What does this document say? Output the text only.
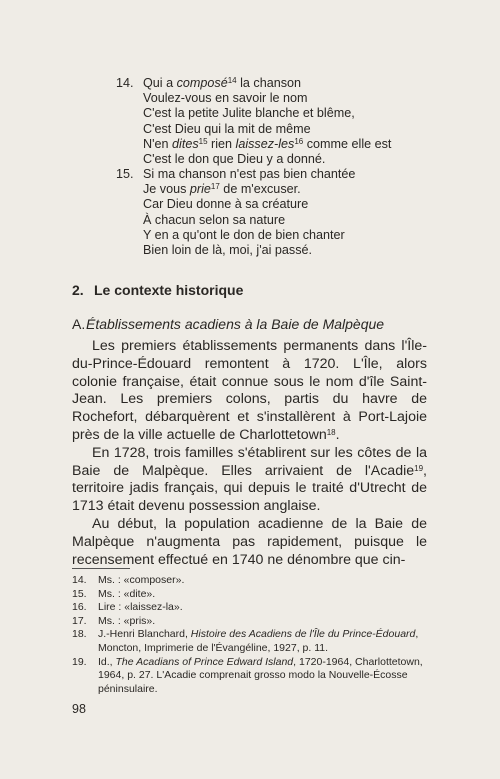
14. Qui a composé$^{14}$ la chanson
Voulez-vous en savoir le nom
C'est la petite Julite blanche et blême,
C'est Dieu qui la mit de même
N'en dites$^{15}$ rien laissez-les$^{16}$ comme elle est
C'est le don que Dieu y a donné.
15. Si ma chanson n'est pas bien chantée
Je vous prie$^{17}$ de m'excuser.
Car Dieu donne à sa créature
À chacun selon sa nature
Y en a qu'ont le don de bien chanter
Bien loin de là, moi, j'ai passé.
2. Le contexte historique
A.Établissements acadiens à la Baie de Malpèque

Les premiers établissements permanents dans l'Île-du-Prince-Édouard remontent à 1720. L'Île, alors colonie française, était connue sous le nom d'île Saint-Jean. Les premiers colons, partis du havre de Rochefort, débarquèrent et s'installèrent à Port-Lajoie près de la ville actuelle de Charlottetown$^{18}$.

En 1728, trois familles s'établirent sur les côtes de la Baie de Malpèque. Elles arrivaient de l'Acadie$^{19}$, territoire jadis français, qui depuis le traité d'Utrecht de 1713 était devenu possession anglaise.

Au début, la population acadienne de la Baie de Malpèque n'augmenta pas rapidement, puisque le recensement effectué en 1740 ne dénombre que cin-

14. Ms. : «composer».
15. Ms. : «dite».
16. Lire : «laissez-la».
17. Ms. : «pris».
18. J.-Henri Blanchard, Histoire des Acadiens de l'Île du Prince-Édouard, Moncton, Imprimerie de l'Évangéline, 1927, p. 11.
19. Id., The Acadians of Prince Edward Island, 1720-1964, Charlottetown, 1964, p. 27. L'Acadie comprenait grosso modo la Nouvelle-Écosse péninsulaire.
98
